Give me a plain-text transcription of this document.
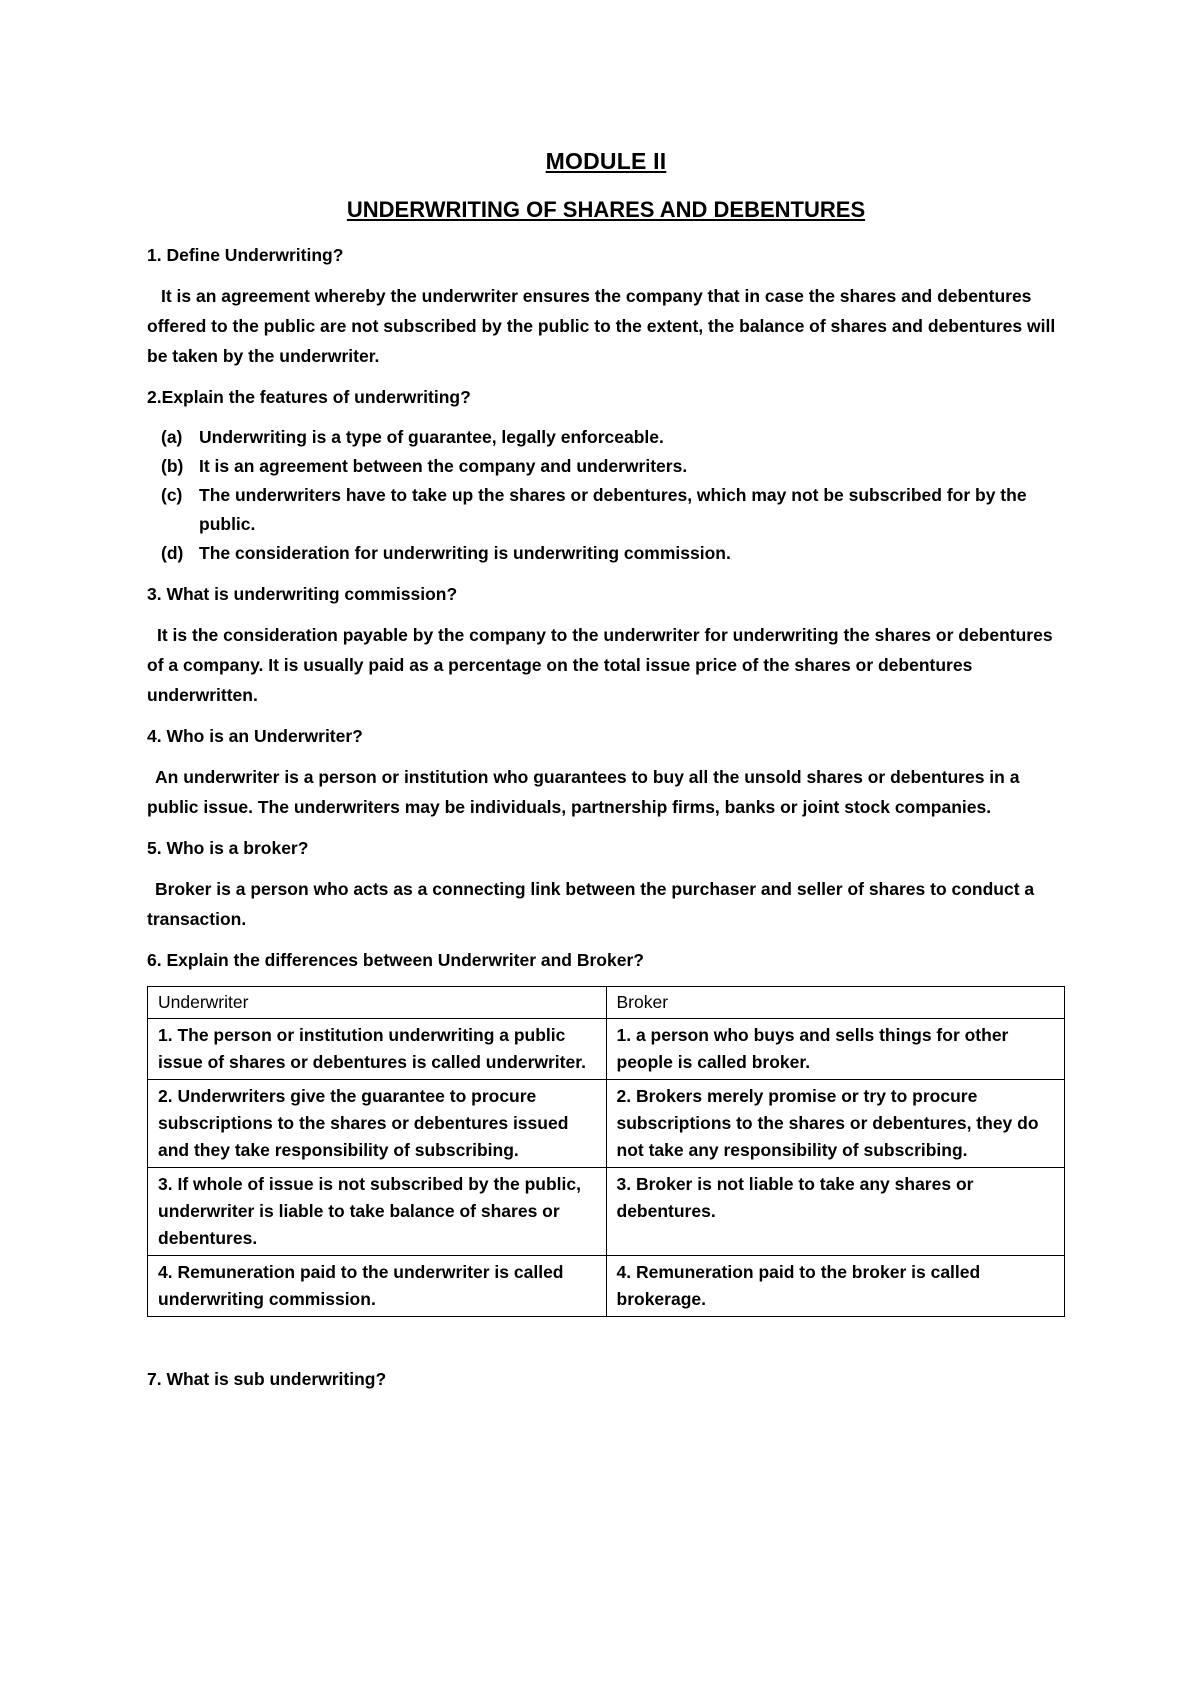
MODULE II
UNDERWRITING OF SHARES AND DEBENTURES
1. Define Underwriting?
It is an agreement whereby the underwriter ensures the company that in case the shares and debentures offered to the public are not subscribed by the public to the extent, the balance of shares and debentures will be taken by the underwriter.
2.Explain the features of underwriting?
(a) Underwriting is a type of guarantee, legally enforceable.
(b) It is an agreement between the company and underwriters.
(c) The underwriters have to take up the shares or debentures, which may not be subscribed for by the public.
(d) The consideration for underwriting is underwriting commission.
3. What is underwriting commission?
It is the consideration payable by the company to the underwriter for underwriting the shares or debentures of a company. It is usually paid as a percentage on the total issue price of the shares or debentures underwritten.
4. Who is an Underwriter?
An underwriter is a person or institution who guarantees to buy all the unsold shares or debentures in a public issue. The underwriters may be individuals, partnership firms, banks or joint stock companies.
5. Who is a broker?
Broker is a person who acts as a connecting link between the purchaser and seller of shares to conduct a transaction.
6. Explain the differences between Underwriter and Broker?
Underwriter	Broker
1. The person or institution underwriting a public issue of shares or debentures is called underwriter.	1. a person who buys and sells things for other people is called broker.
2. Underwriters give the guarantee to procure subscriptions to the shares or debentures issued and they take responsibility of subscribing.	2. Brokers merely promise or try to procure subscriptions to the shares or debentures, they do not take any responsibility of subscribing.
3. If whole of issue is not subscribed by the public, underwriter is liable to take balance of shares or debentures.	3. Broker is not liable to take any shares or debentures.
4. Remuneration paid to the underwriter is called underwriting commission.	4. Remuneration paid to the broker is called brokerage.
7. What is sub underwriting?
